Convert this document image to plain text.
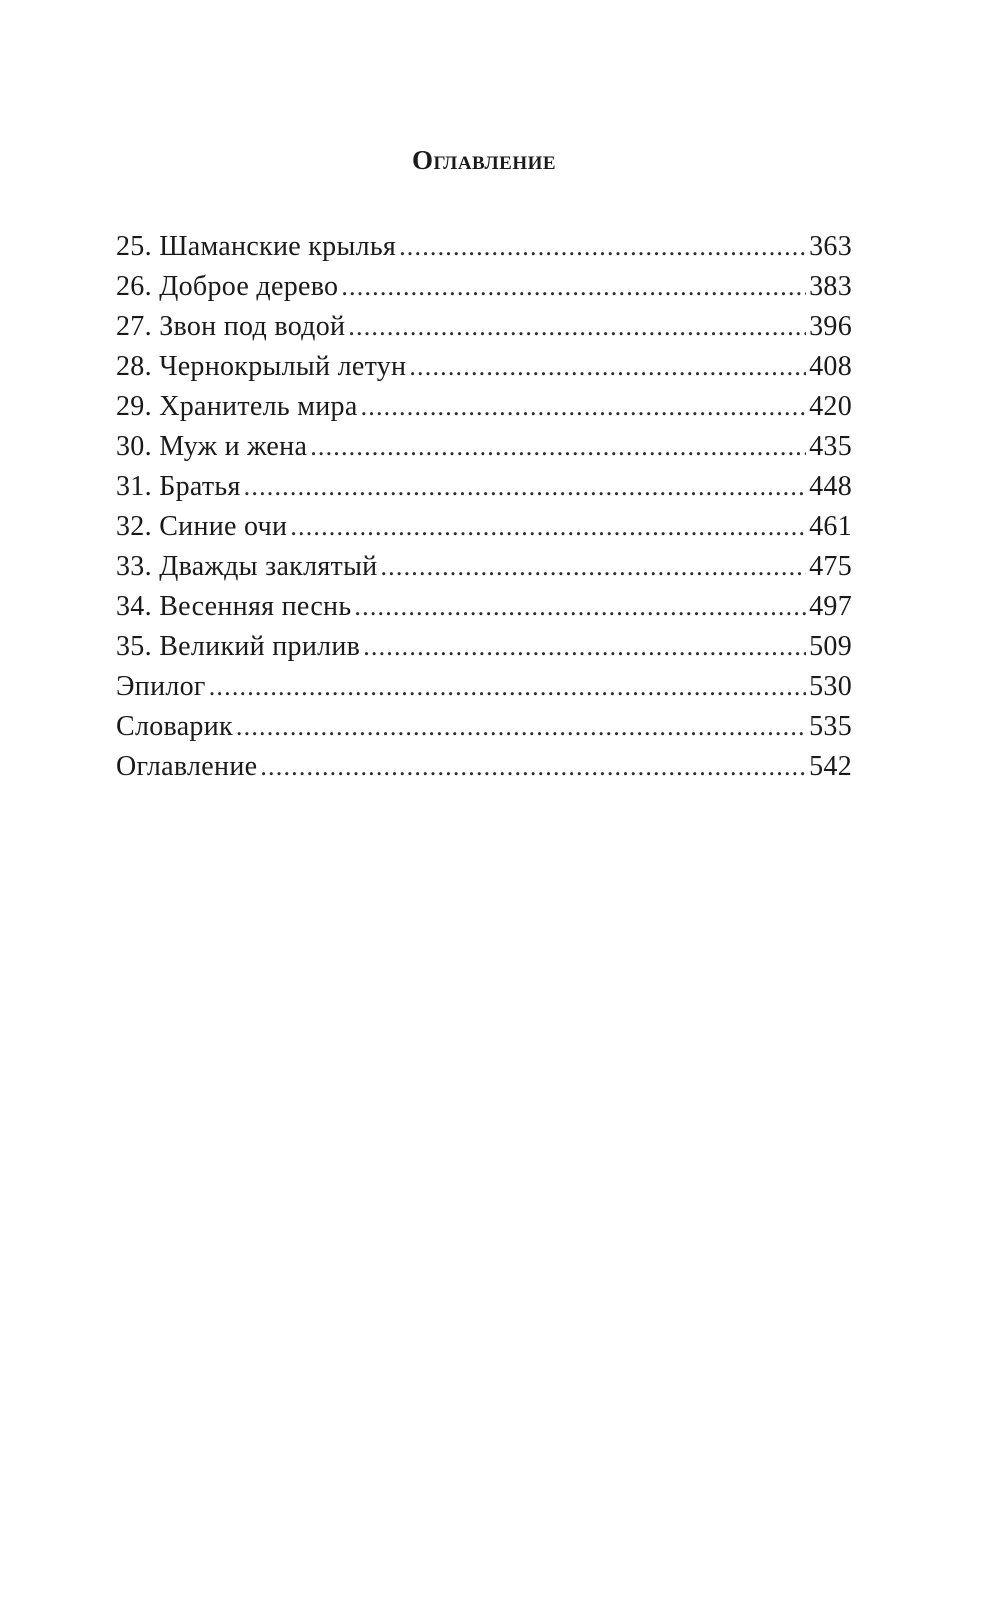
Оглавление
25. Шаманские крылья .....	363
26. Доброе дерево .....	383
27. Звон под водой .....	396
28. Чернокрылый летун .....	408
29. Хранитель мира .....	420
30. Муж и жена .....	435
31. Братья .....	448
32. Синие очи .....	461
33. Дважды заклятый .....	475
34. Весенняя песнь .....	497
35. Великий прилив .....	509
Эпилог .....	530
Словарик .....	535
Оглавление .....	542
